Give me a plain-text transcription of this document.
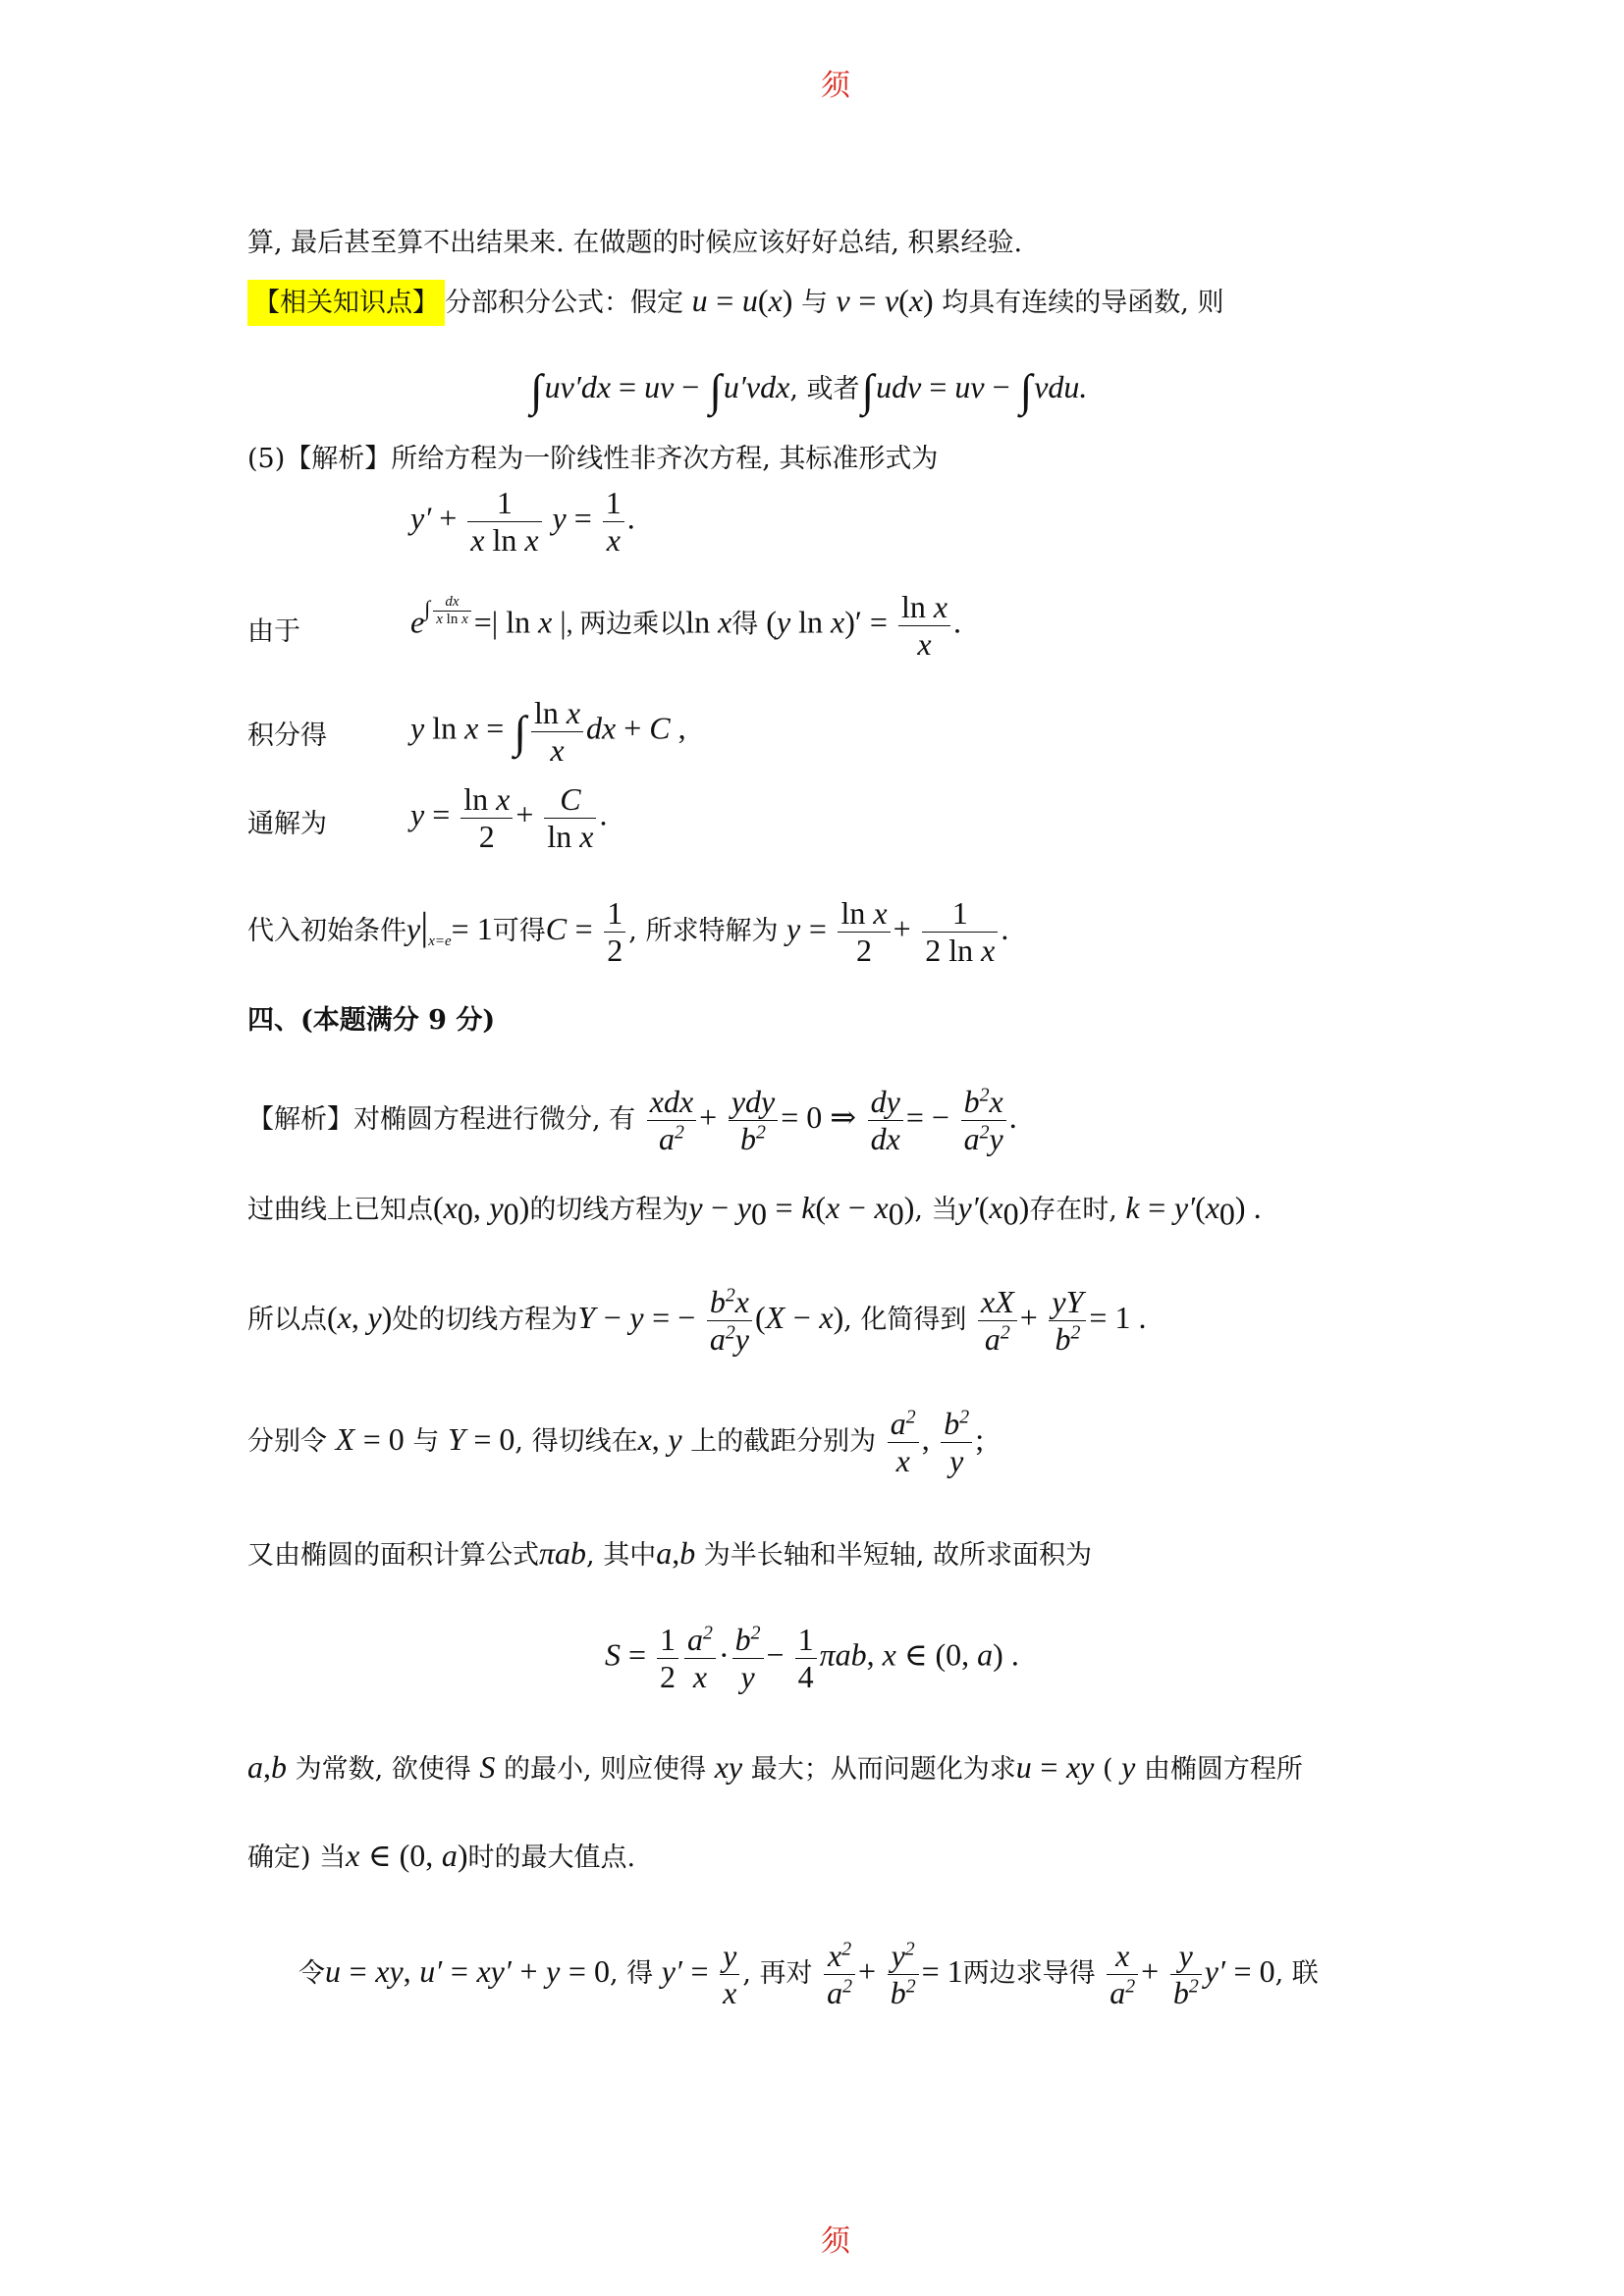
须
须
算, 最后甚至算不出结果来. 在做题的时候应该好好总结, 积累经验.
【相关知识点】 分部积分公式：假定 u = u(x) 与 v = v(x) 均具有连续的导函数, 则
∫uv′dx = uv − ∫u′vdx, 或者∫udv = uv − ∫vdu.
(5)【解析】所给方程为一阶线性非齐次方程, 其标准形式为
$y' + \frac{1}{\text{x ln x}}$ $y = \frac{1}{x}$ .
由于	$e^{\int \frac{dx}{\text{x ln x}}}$ =| ln x |, 两边乘以ln x得 (y $\ln x)' = \frac{\text{ln x}}{x}$ .
积分得	y ln x = ∫ $\frac{\text{ln x}}{x}$ dx + C ,
通解为	$y = \frac{\text{ln x}}{2} + \frac{C}{\text{ln x}}$ .
代入初始条件$y|_{x=e}= 1$可得$C = \frac{1}{2}$ , 所求特解为 $y = \frac{\text{ln x}}{2} + \frac{1}{\text{2 ln x}}$ .
四、(本题满分 9 分)
【解析】对椭圆方程进行微分, 有 $\frac{\text{xdx}}{a^2} + \frac{\text{ydy}}{b^2} = 0$ ⇒ $\frac{dy}{dx}$ = − $\frac{b^2x}{a^2y}$ .
过曲线上已知点($x_0$, $y_0$)的切线方程为$y - y_0 = k(x - x_0)$, 当$y'(x_0)$存在时, $k = y'(x_0)$ .
所以点(x, y)处的切线方程为Y − y = − $\frac{b^2x}{a^2y} (X - x)$, 化简得到 $\frac{xX}{a^2} + \frac{yY}{b^2} = 1$ .
分别令 X = 0 与 Y = 0, 得切线在x, y 上的截距分别为 $\frac{a^2}{x}$ , $\frac{b^2}{y}$ ;
又由椭圆的面积计算公式πab, 其中a,b 为半长轴和半短轴, 故所求面积为
$S = \frac{1}{2} \frac{a^2}{x} \cdot \frac{b^2}{y} - \frac{1}{4} \pi ab$, x ∈ (0, a) .
a,b 为常数, 欲使得 S 的最小, 则应使得 xy 最大；从而问题化为求u = xy ( y 由椭圆方程所
确定) 当x ∈ (0, a)时的最大值点.
令u = xy, u′ = xy′ + y = 0, 得 $y' = \frac{y}{x}$ , 再对 $\frac{x^2}{a^2} + \frac{y^2}{b^2} = 1$两边求导得 $\frac{x}{a^2} + \frac{y}{b^2} y' = 0$, 联
